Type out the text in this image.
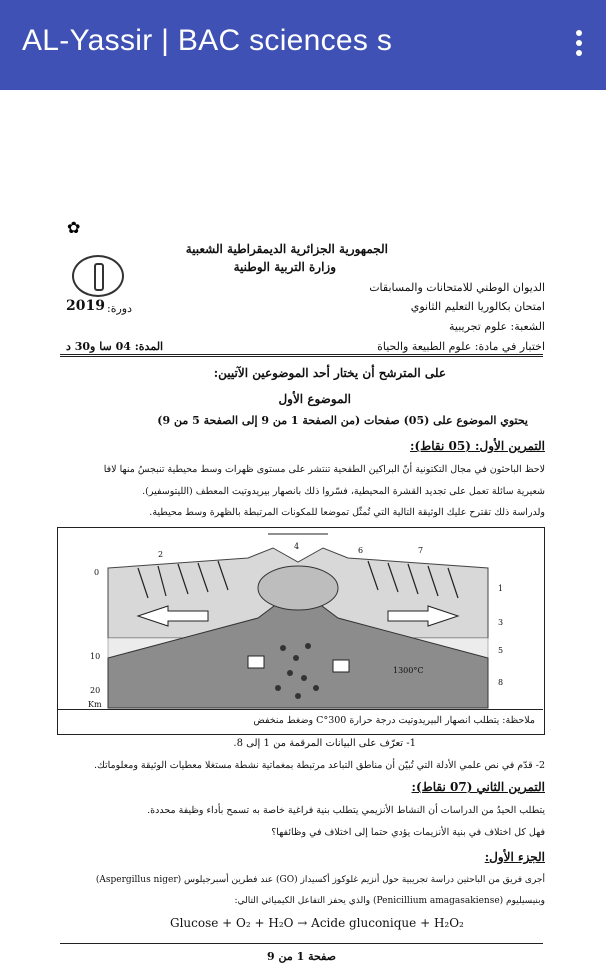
AL-Yassir | BAC sciences s
✿
الجمهورية الجزائرية الديمقراطية الشعبية
وزارة التربية الوطنية
الديوان الوطني للامتحانات والمسابقات
امتحان بكالوريا التعليم الثانوي
الشعبة: علوم تجريبية
2019 دورة:
اختبار في مادة: علوم الطبيعة والحياة
المدة: 04 سا و30 د
على المترشح أن يختار أحد الموضوعين الآتيين:
الموضوع الأول
يحتوي الموضوع على (05) صفحات (من الصفحة 1 من 9 إلى الصفحة 5 من 9)
التمرين الأول: (05 نقاط):
لاحظ الباحثون في مجال التكتونية أنّ البراكين الطفحية تنتشر على مستوى ظهرات وسط محيطية تنبجسُ منها لافا
شعيرية سائلة تعمل على تجديد القشرة المحيطية، فسّروا ذلك بانصهار بيريدوتيت المعطف (الليتوسفير).
ولدراسة ذلك تقترح عليك الوثيقة التالية التي تُمثّل تموضعا للمكونات المرتبطة بالظهرة وسط محيطية.
0
10
20
Km
1
2
3
4
5
6	7
8
1300°C
ملاحظة: يتطلب انصهار البيريدوتيت درجة حرارة 300°C وضغط منخفض
1- تعرّف على البيانات المرقمة من 1 إلى 8.
2- قدّم في نص علمي الأدلة التي تُبيّن أن مناطق التباعد مرتبطة بمغماتية نشطة مستغلا معطيات الوثيقة ومعلوماتك.
التمرين الثاني (07 نقاط):
يتطلب الحيدُ من الدراسات أن النشاط الأنزيمي يتطلب بنية فراغية خاصة به تسمح بأداء وظيفة محددة.
فهل كل اختلاف في بنية الأنزيمات يؤدي حتما إلى اختلاف في وظائفها؟
الجزء الأول:
أجرى فريق من الباحثين دراسة تجريبية حول أنزيم غلوكوز أكسيداز (GO) عند فطرين أسبرجيلوس (Aspergillus niger)
وبنيسيليوم (Penicillium amagasakiense) والذي يحفز التفاعل الكيميائي التالي:
Glucose + O₂ + H₂O → Acide gluconique + H₂O₂
صفحة 1 من 9
